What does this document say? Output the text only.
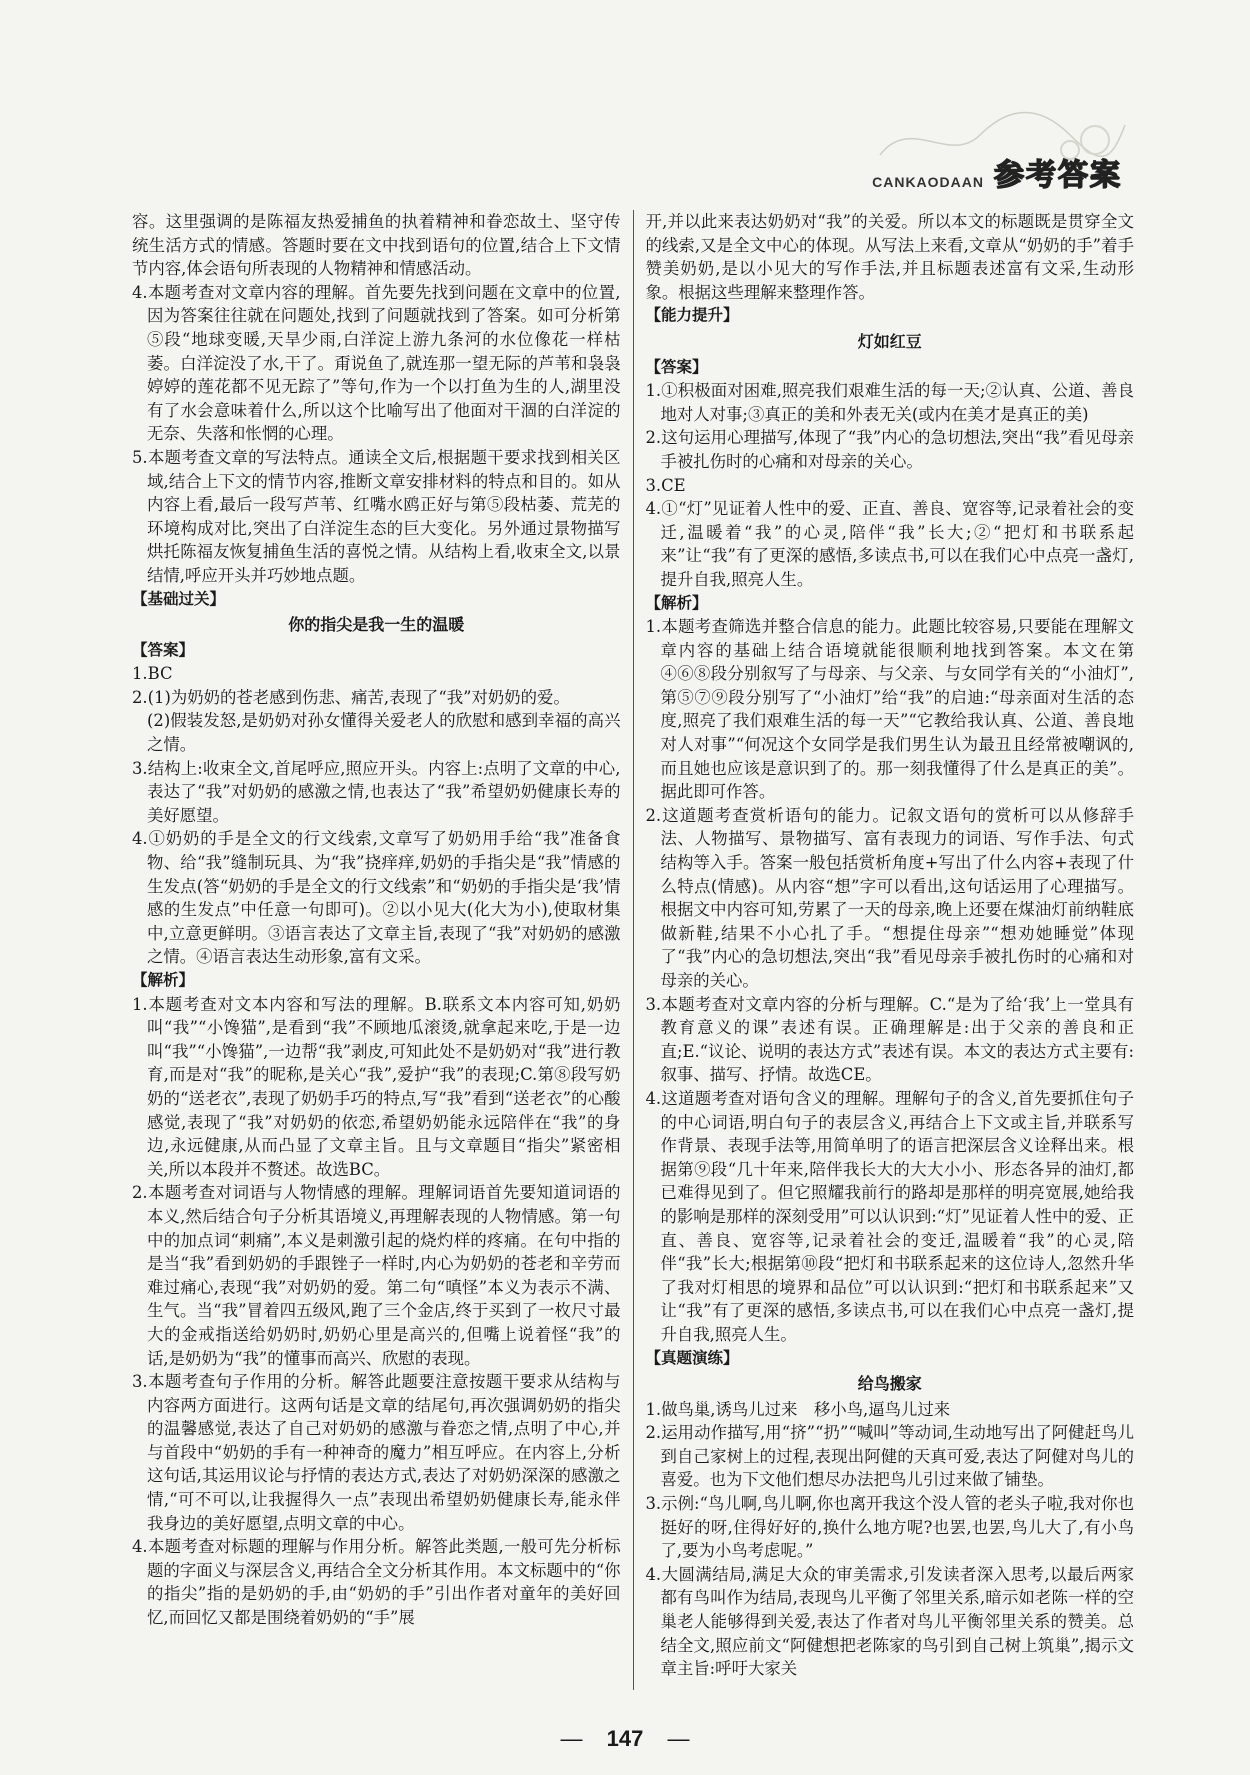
CANKAODAAN 参考答案

容。这里强调的是陈福友热爱捕鱼的执着精神和眷恋故土、坚守传统生活方式的情感。答题时要在文中找到语句的位置,结合上下文情节内容,体会语句所表现的人物精神和情感活动。

4.本题考查对文章内容的理解。首先要先找到问题在文章中的位置,因为答案往往就在问题处,找到了问题就找到了答案。如可分析第⑤段“地球变暖,天旱少雨,白洋淀上游九条河的水位像花一样枯萎。白洋淀没了水,干了。甭说鱼了,就连那一望无际的芦苇和袅袅婷婷的莲花都不见无踪了”等句,作为一个以打鱼为生的人,湖里没有了水会意味着什么,所以这个比喻写出了他面对干涸的白洋淀的无奈、失落和怅惘的心理。

5.本题考查文章的写法特点。通读全文后,根据题干要求找到相关区域,结合上下文的情节内容,推断文章安排材料的特点和目的。如从内容上看,最后一段写芦苇、红嘴水鸥正好与第⑤段枯萎、荒芜的环境构成对比,突出了白洋淀生态的巨大变化。另外通过景物描写烘托陈福友恢复捕鱼生活的喜悦之情。从结构上看,收束全文,以景结情,呼应开头并巧妙地点题。

【基础过关】

你的指尖是我一生的温暖

【答案】

1.BC

2.(1)为奶奶的苍老感到伤悲、痛苦,表现了“我”对奶奶的爱。

(2)假装发怒,是奶奶对孙女懂得关爱老人的欣慰和感到幸福的高兴之情。

3.结构上:收束全文,首尾呼应,照应开头。内容上:点明了文章的中心,表达了“我”对奶奶的感激之情,也表达了“我”希望奶奶健康长寿的美好愿望。

4.①奶奶的手是全文的行文线索,文章写了奶奶用手给“我”准备食物、给“我”缝制玩具、为“我”挠痒痒,奶奶的手指尖是“我”情感的生发点(答“奶奶的手是全文的行文线索”和“奶奶的手指尖是‘我’情感的生发点”中任意一句即可)。②以小见大(化大为小),使取材集中,立意更鲜明。③语言表达了文章主旨,表现了“我”对奶奶的感激之情。④语言表达生动形象,富有文采。

【解析】

1.本题考查对文本内容和写法的理解。B.联系文本内容可知,奶奶叫“我”“小馋猫”,是看到“我”不顾地瓜滚烫,就拿起来吃,于是一边叫“我”“小馋猫”,一边帮“我”剥皮,可知此处不是奶奶对“我”进行教育,而是对“我”的昵称,是关心“我”,爱护“我”的表现;C.第⑧段写奶奶的“送老衣”,表现了奶奶手巧的特点,写“我”看到“送老衣”的心酸感觉,表现了“我”对奶奶的依恋,希望奶奶能永远陪伴在“我”的身边,永远健康,从而凸显了文章主旨。且与文章题目“指尖”紧密相关,所以本段并不赘述。故选BC。

2.本题考查对词语与人物情感的理解。理解词语首先要知道词语的本义,然后结合句子分析其语境义,再理解表现的人物情感。第一句中的加点词“刺痛”,本义是刺激引起的烧灼样的疼痛。在句中指的是当“我”看到奶奶的手跟锉子一样时,内心为奶奶的苍老和辛劳而难过痛心,表现“我”对奶奶的爱。第二句“嗔怪”本义为表示不满、生气。当“我”冒着四五级风,跑了三个金店,终于买到了一枚尺寸最大的金戒指送给奶奶时,奶奶心里是高兴的,但嘴上说着怪“我”的话,是奶奶为“我”的懂事而高兴、欣慰的表现。

3.本题考查句子作用的分析。解答此题要注意按题干要求从结构与内容两方面进行。这两句话是文章的结尾句,再次强调奶奶的指尖的温馨感觉,表达了自己对奶奶的感激与眷恋之情,点明了中心,并与首段中“奶奶的手有一种神奇的魔力”相互呼应。在内容上,分析这句话,其运用议论与抒情的表达方式,表达了对奶奶深深的感激之情,“可不可以,让我握得久一点”表现出希望奶奶健康长寿,能永伴我身边的美好愿望,点明文章的中心。

4.本题考查对标题的理解与作用分析。解答此类题,一般可先分析标题的字面义与深层含义,再结合全文分析其作用。本文标题中的“你的指尖”指的是奶奶的手,由“奶奶的手”引出作者对童年的美好回忆,而回忆又都是围绕着奶奶的“手”展

开,并以此来表达奶奶对“我”的关爱。所以本文的标题既是贯穿全文的线索,又是全文中心的体现。从写法上来看,文章从“奶奶的手”着手赞美奶奶,是以小见大的写作手法,并且标题表述富有文采,生动形象。根据这些理解来整理作答。

【能力提升】

灯如红豆

【答案】

1.①积极面对困难,照亮我们艰难生活的每一天;②认真、公道、善良地对人对事;③真正的美和外表无关(或内在美才是真正的美)

2.这句运用心理描写,体现了“我”内心的急切想法,突出“我”看见母亲手被扎伤时的心痛和对母亲的关心。

3.CE

4.①“灯”见证着人性中的爱、正直、善良、宽容等,记录着社会的变迁,温暖着“我”的心灵,陪伴“我”长大;②“把灯和书联系起来”让“我”有了更深的感悟,多读点书,可以在我们心中点亮一盏灯,提升自我,照亮人生。

【解析】

1.本题考查筛选并整合信息的能力。此题比较容易,只要能在理解文章内容的基础上结合语境就能很顺利地找到答案。本文在第④⑥⑧段分别叙写了与母亲、与父亲、与女同学有关的“小油灯”,第⑤⑦⑨段分别写了“小油灯”给“我”的启迪:“母亲面对生活的态度,照亮了我们艰难生活的每一天”“它教给我认真、公道、善良地对人对事”“何况这个女同学是我们男生认为最丑且经常被嘲讽的,而且她也应该是意识到了的。那一刻我懂得了什么是真正的美”。据此即可作答。

2.这道题考查赏析语句的能力。记叙文语句的赏析可以从修辞手法、人物描写、景物描写、富有表现力的词语、写作手法、句式结构等入手。答案一般包括赏析角度+写出了什么内容+表现了什么特点(情感)。从内容“想”字可以看出,这句话运用了心理描写。根据文中内容可知,劳累了一天的母亲,晚上还要在煤油灯前纳鞋底做新鞋,结果不小心扎了手。“想提住母亲”“想劝她睡觉”体现了“我”内心的急切想法,突出“我”看见母亲手被扎伤时的心痛和对母亲的关心。

3.本题考查对文章内容的分析与理解。C.“是为了给‘我’上一堂具有教育意义的课”表述有误。正确理解是:出于父亲的善良和正直;E.“议论、说明的表达方式”表述有误。本文的表达方式主要有:叙事、描写、抒情。故选CE。

4.这道题考查对语句含义的理解。理解句子的含义,首先要抓住句子的中心词语,明白句子的表层含义,再结合上下文或主旨,并联系写作背景、表现手法等,用简单明了的语言把深层含义诠释出来。根据第⑨段“几十年来,陪伴我长大的大大小小、形态各异的油灯,都已难得见到了。但它照耀我前行的路却是那样的明亮宽展,她给我的影响是那样的深刻受用”可以认识到:“灯”见证着人性中的爱、正直、善良、宽容等,记录着社会的变迁,温暖着“我”的心灵,陪伴“我”长大;根据第⑩段“把灯和书联系起来的这位诗人,忽然升华了我对灯相思的境界和品位”可以认识到:“把灯和书联系起来”又让“我”有了更深的感悟,多读点书,可以在我们心中点亮一盏灯,提升自我,照亮人生。

【真题演练】

给鸟搬家

1.做鸟巢,诱鸟儿过来　移小鸟,逼鸟儿过来

2.运用动作描写,用“挤”“扔”“喊叫”等动词,生动地写出了阿健赶鸟儿到自己家树上的过程,表现出阿健的天真可爱,表达了阿健对鸟儿的喜爱。也为下文他们想尽办法把鸟儿引过来做了铺垫。

3.示例:“鸟儿啊,鸟儿啊,你也离开我这个没人管的老头子啦,我对你也挺好的呀,住得好好的,换什么地方呢?也罢,也罢,鸟儿大了,有小鸟了,要为小鸟考虑呢。”

4.大圆满结局,满足大众的审美需求,引发读者深入思考,以最后两家都有鸟叫作为结局,表现鸟儿平衡了邻里关系,暗示如老陈一样的空巢老人能够得到关爱,表达了作者对鸟儿平衡邻里关系的赞美。总结全文,照应前文“阿健想把老陈家的鸟引到自己树上筑巢”,揭示文章主旨:呼吁大家关

— 147 —
